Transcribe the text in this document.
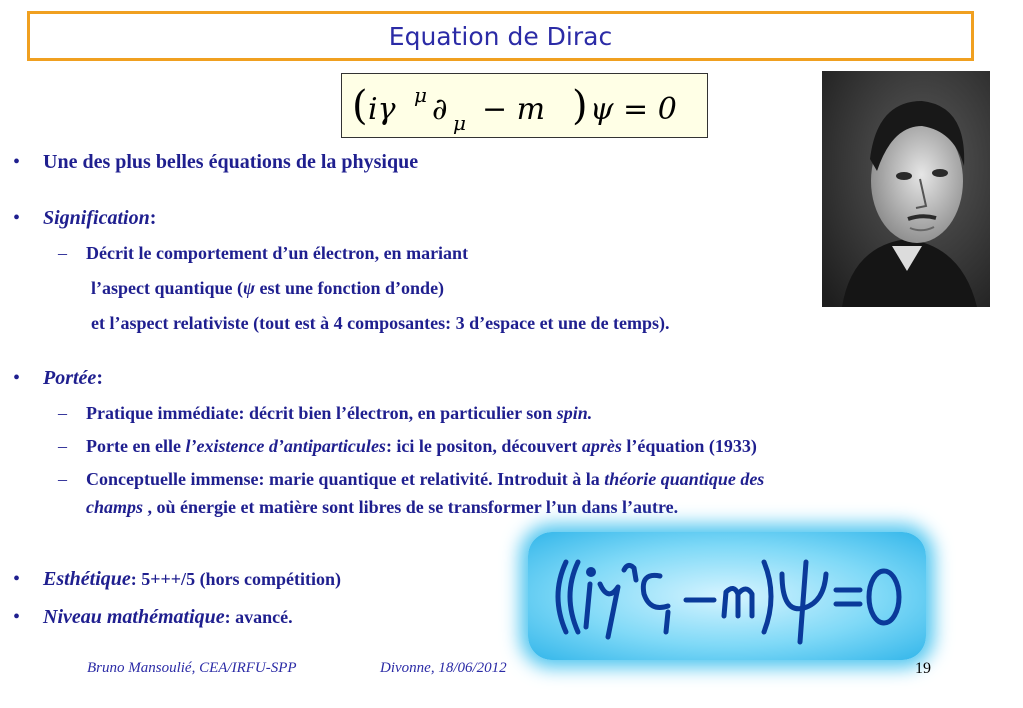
Equation de Dirac
( iγ μ ∂ μ − m ) ψ = 0
• Une des plus belles équations de la physique
• Signification:
– Décrit le comportement d’un électron, en mariant
l’aspect quantique (ψ est une fonction d’onde)
et l’aspect relativiste (tout est à 4 composantes: 3 d’espace et une de temps).
• Portée:
– Pratique immédiate: décrit bien l’électron, en particulier son spin.
– Porte en elle l’existence d’antiparticules: ici le positon, découvert après l’équation (1933)
– Conceptuelle immense: marie quantique et relativité. Introduit à la théorie quantique des
champs , où énergie et matière sont libres de se transformer l’un dans l’autre.
• Esthétique: 5+++/5 (hors compétition)
• Niveau mathématique: avancé.
Bruno Mansoulié, CEA/IRFU-SPP	Divonne, 18/06/2012	19
